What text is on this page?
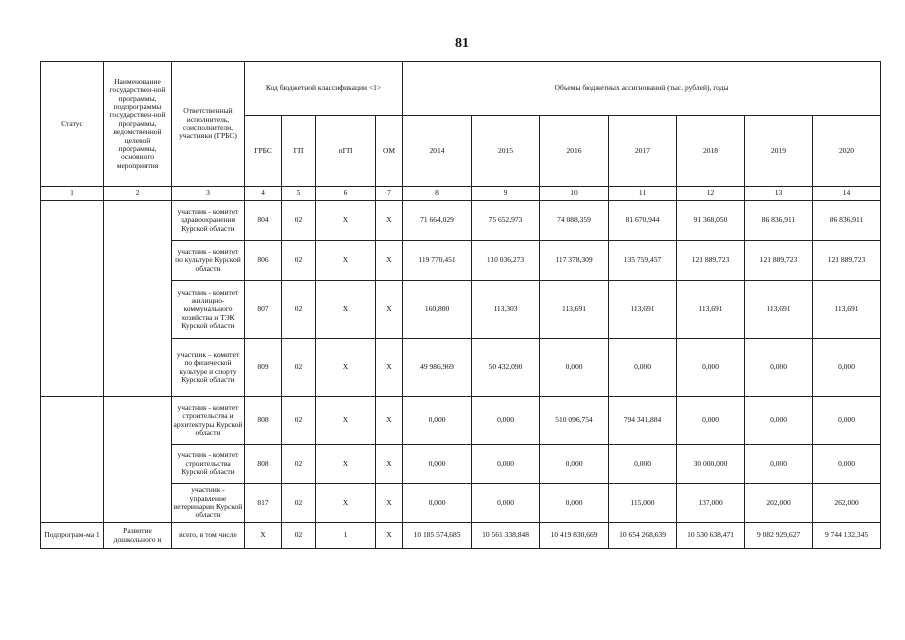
81
Статус	Наименование государствен-ной программы, подпрограммы государствен-ной программы, ведомственной целевой программы, основного мероприятия	Ответственный исполнитель, соисполнители, участники (ГРБС)	Код бюджетной классификации <1>				Объемы бюджетных ассигнований (тыс. рублей), годы						
			ГРБС	ГП	пГП	ОМ	2014	2015	2016	2017	2018	2019	2020
1	2	3	4	5	6	7	8	9	10	11	12	13	14
		участник - комитет здравоохранения Курской области	804	02	X	X	71 664,029	75 652,973	74 088,359	81 670,944	91 368,050	86 836,911	86 836,911
		участник - комитет по культуре Курской области	806	02	X	X	119 770,451	110 036,273	117 378,309	135 759,457	121 889,723	121 889,723	121 889,723
		участник - комитет жилищно-коммунального хозяйства и ТЭК Курской области	807	02	X	X	160,800	113,303	113,691	113,691	113,691	113,691	113,691
		участник – комитет по физической культуре и спорту Курской области	809	02	X	X	49 986,969	50 432,090	0,000	0,000	0,000	0,000	0,000
		участник - комитет строительства и архитектуры Курской области	808	02	X	X	0,000	0,000	510 096,754	794 341,884	0,000	0,000	0,000
		участник - комитет строительства Курской области	808	02	X	X	0,000	0,000	0,000	0,000	30 000,000	0,000	0,000
		участник - управление ветеринарии Курской области	817	02	X	X	0,000	0,000	0,000	115,000	137,000	202,000	262,000
Подпрограм-ма 1	Развитие дошкольного и	всего, в том числе	X	02	1	X	10 185 574,685	10 561 338,848	10 419 830,669	10 654 268,639	10 530 638,471	9 082 929,627	9 744 132,345
